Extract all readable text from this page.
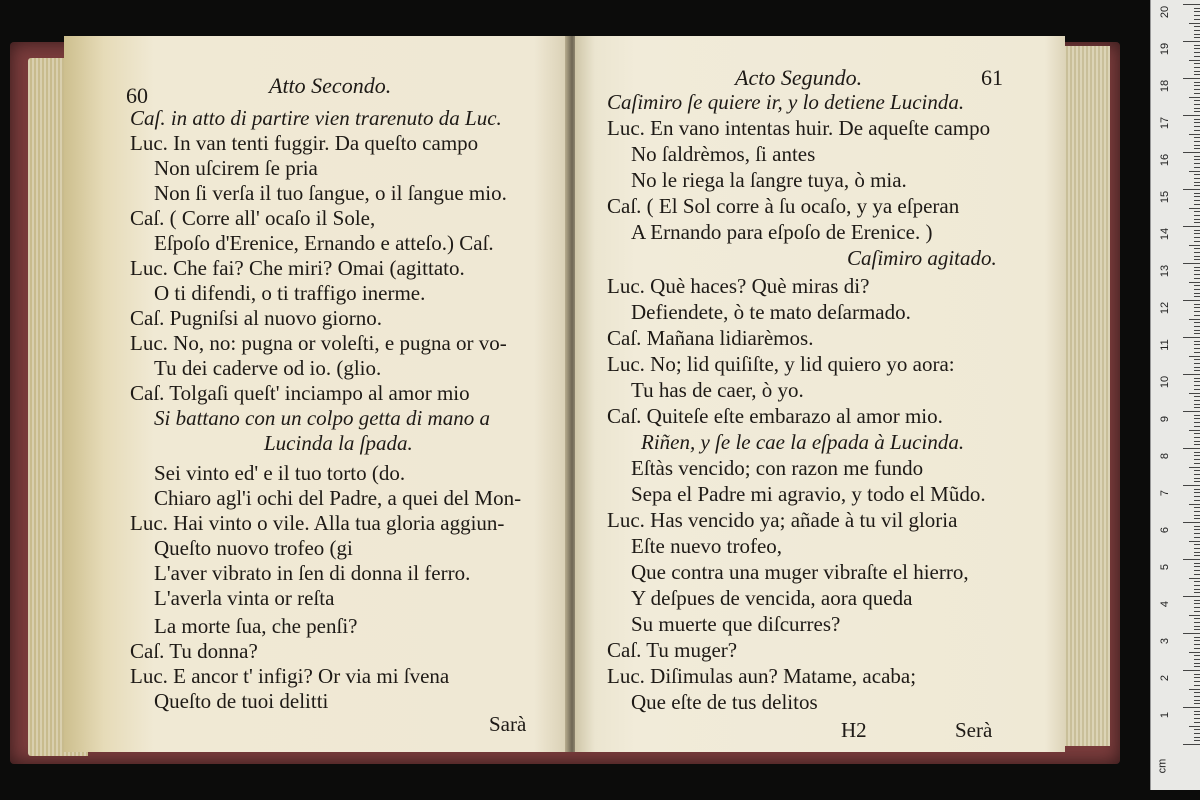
60	Atto Secondo.
Caſ. in atto di partire vien trarenuto da Luc.
Luc. In van tenti fuggir. Da queſto campo
Non uſcirem ſe pria
Non ſi verſa il tuo ſangue, o il ſangue mio.
Caſ. ( Corre all' ocaſo il Sole,
Eſpoſo d'Erenice, Ernando e atteſo.) Caſ.
Luc. Che fai? Che miri? Omai (agittato.
O ti difendi, o ti traffigo inerme.
Caſ. Pugniſsi al nuovo giorno.
Luc. No, no: pugna or voleſti, e pugna or vo-
Tu dei caderve od io. (glio.
Caſ. Tolgaſi queſt' inciampo al amor mio
Si battano con un colpo getta di mano a
Lucinda la ſpada.
Sei vinto ed' e il tuo torto (do.
Chiaro agl'i ochi del Padre, a quei del Mon-
Luc. Hai vinto o vile. Alla tua gloria aggiun-
Queſto nuovo trofeo (gi
L'aver vibrato in ſen di donna il ferro.
L'averla vinta or reſta
La morte ſua, che penſi?
Caſ. Tu donna?
Luc. E ancor t' infigi? Or via mi ſvena
Queſto de tuoi delitti
Sarà
Acto Segundo.	61
Caſimiro ſe quiere ir, y lo detiene Lucinda.
Luc. En vano intentas huir. De aqueſte campo
No ſaldrèmos, ſi antes
No le riega la ſangre tuya, ò mia.
Caſ. ( El Sol corre à ſu ocaſo, y ya eſperan
A Ernando para eſpoſo de Erenice. )
Caſimiro agitado.
Luc. Què haces? Què miras di?
Defiendete, ò te mato deſarmado.
Caſ. Mañana lidiarèmos.
Luc. No; lid quiſiſte, y lid quiero yo aora:
Tu has de caer, ò yo.
Caſ. Quiteſe eſte embarazo al amor mio.
Riñen, y ſe le cae la eſpada à Lucinda.
Eſtàs vencido; con razon me fundo
Sepa el Padre mi agravio, y todo el Mũdo.
Luc. Has vencido ya; añade à tu vil gloria
Eſte nuevo trofeo,
Que contra una muger vibraſte el hierro,
Y deſpues de vencida, aora queda
Su muerte que diſcurres?
Caſ. Tu muger?
Luc. Diſimulas aun? Matame, acaba;
Que eſte de tus delitos
H2	Serà
20
19
18
17
16
15
14
13
12
11
10
9
8
7
6
5
4
3
2
1
cm
